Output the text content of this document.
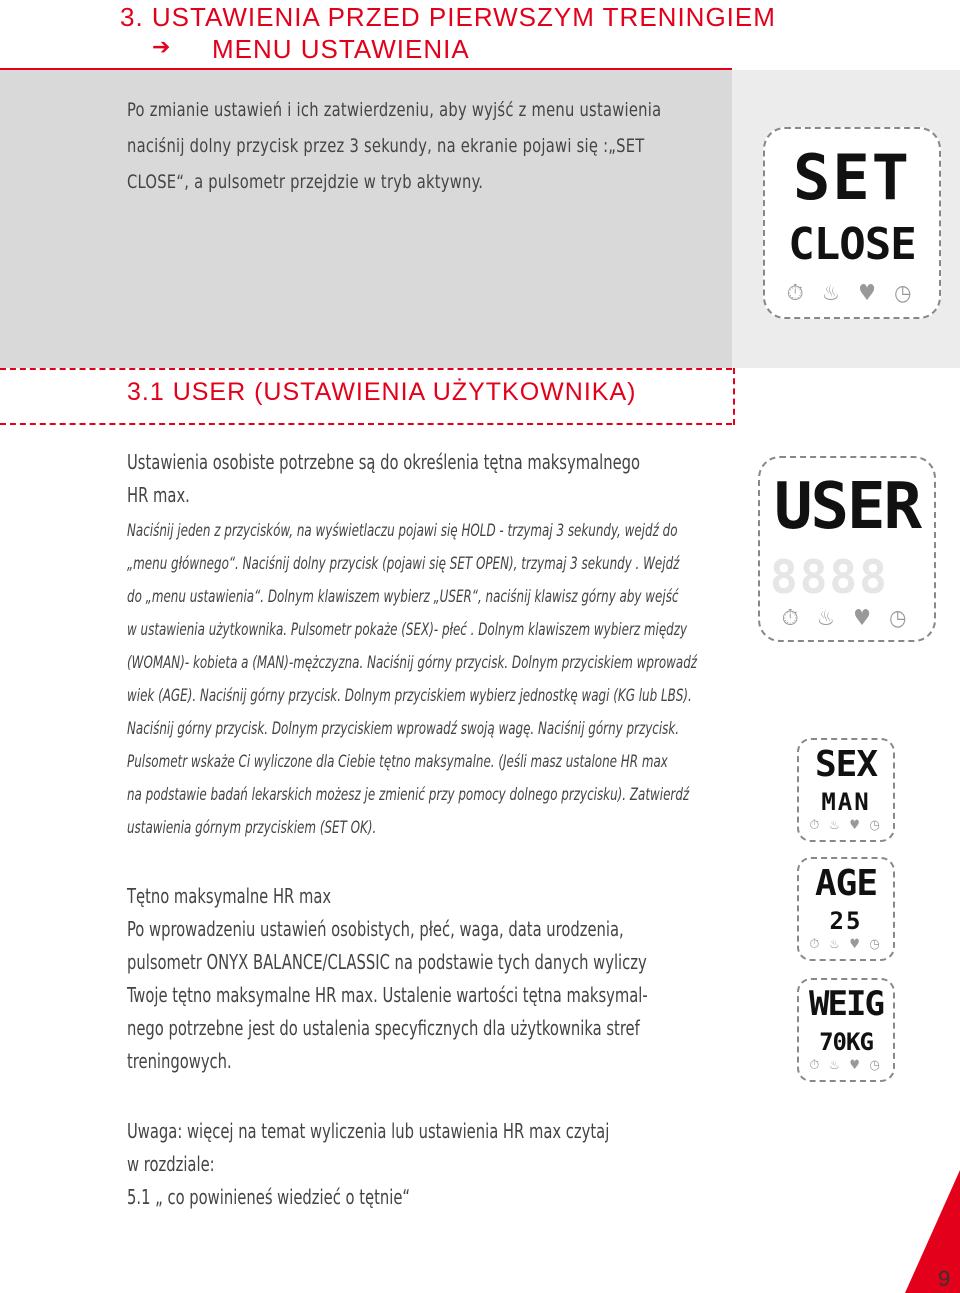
3. USTAWIENIA PRZED PIERWSZYM TRENINGIEM
➔ MENU USTAWIENIA
Po zmianie ustawień i ich zatwierdzeniu, aby wyjść z menu ustawienia
naciśnij dolny przycisk przez 3 sekundy, na ekranie pojawi się :„SET
CLOSE“, a pulsometr przejdzie w tryb aktywny.	SET
CLOSE
⏱ ♨ ♥ ◷
3.1 USER (USTAWIENIA UŻYTKOWNIKA)
Ustawienia osobiste potrzebne są do określenia tętna maksymalnego
HR max.
Naciśnij jeden z przycisków, na wyświetlaczu pojawi się HOLD - trzymaj 3 sekundy, wejdź do
„menu głównego“. Naciśnij dolny przycisk (pojawi się SET OPEN), trzymaj 3 sekundy . Wejdź
do „menu ustawienia“. Dolnym klawiszem wybierz „USER“, naciśnij klawisz górny aby wejść
w ustawienia użytkownika. Pulsometr pokaże (SEX)- płeć . Dolnym klawiszem wybierz między
(WOMAN)- kobieta a (MAN)-mężczyzna. Naciśnij górny przycisk. Dolnym przyciskiem wprowadź
wiek (AGE). Naciśnij górny przycisk. Dolnym przyciskiem wybierz jednostkę wagi (KG lub LBS).
Naciśnij górny przycisk. Dolnym przyciskiem wprowadź swoją wagę. Naciśnij górny przycisk.
Pulsometr wskaże Ci wyliczone dla Ciebie tętno maksymalne. (Jeśli masz ustalone HR max
na podstawie badań lekarskich możesz je zmienić przy pomocy dolnego przycisku). Zatwierdź
ustawienia górnym przyciskiem (SET OK).
USER
8888
⏱ ♨ ♥ ◷
SEX
MAN
⏱ ♨ ♥ ◷
AGE
25
⏱ ♨ ♥ ◷
WEIG
70KG
⏱ ♨ ♥ ◷
Tętno maksymalne HR max
Po wprowadzeniu ustawień osobistych, płeć, waga, data urodzenia,
pulsometr ONYX BALANCE/CLASSIC na podstawie tych danych wyliczy
Twoje tętno maksymalne HR max. Ustalenie wartości tętna maksymal-
nego potrzebne jest do ustalenia specyficznych dla użytkownika stref
treningowych.
Uwaga: więcej na temat wyliczenia lub ustawienia HR max czytaj
w rozdziale:
5.1 „ co powinieneś wiedzieć o tętnie“
9
